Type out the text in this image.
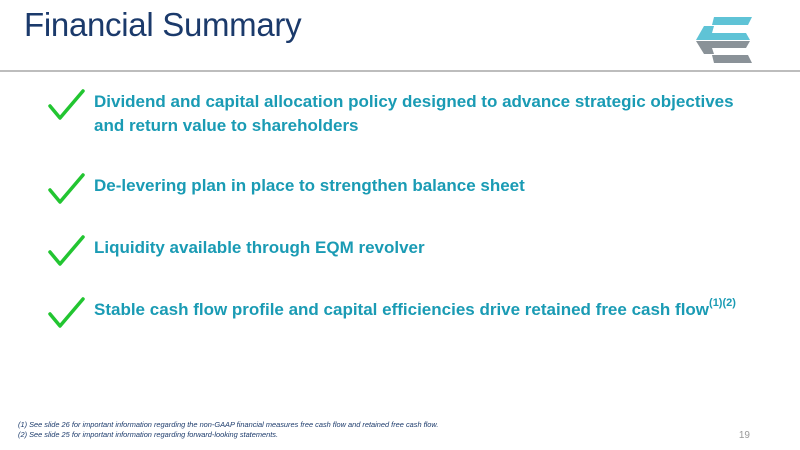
Financial Summary
Dividend and capital allocation policy designed to advance strategic objectives and return value to shareholders
De-levering plan in place to strengthen balance sheet
Liquidity available through EQM revolver
Stable cash flow profile and capital efficiencies drive retained free cash flow$^{(1)(2)}$
(1) See slide 26 for important information regarding the non-GAAP financial measures free cash flow and retained free cash flow.
(2) See slide 25 for important information regarding forward-looking statements.	19
